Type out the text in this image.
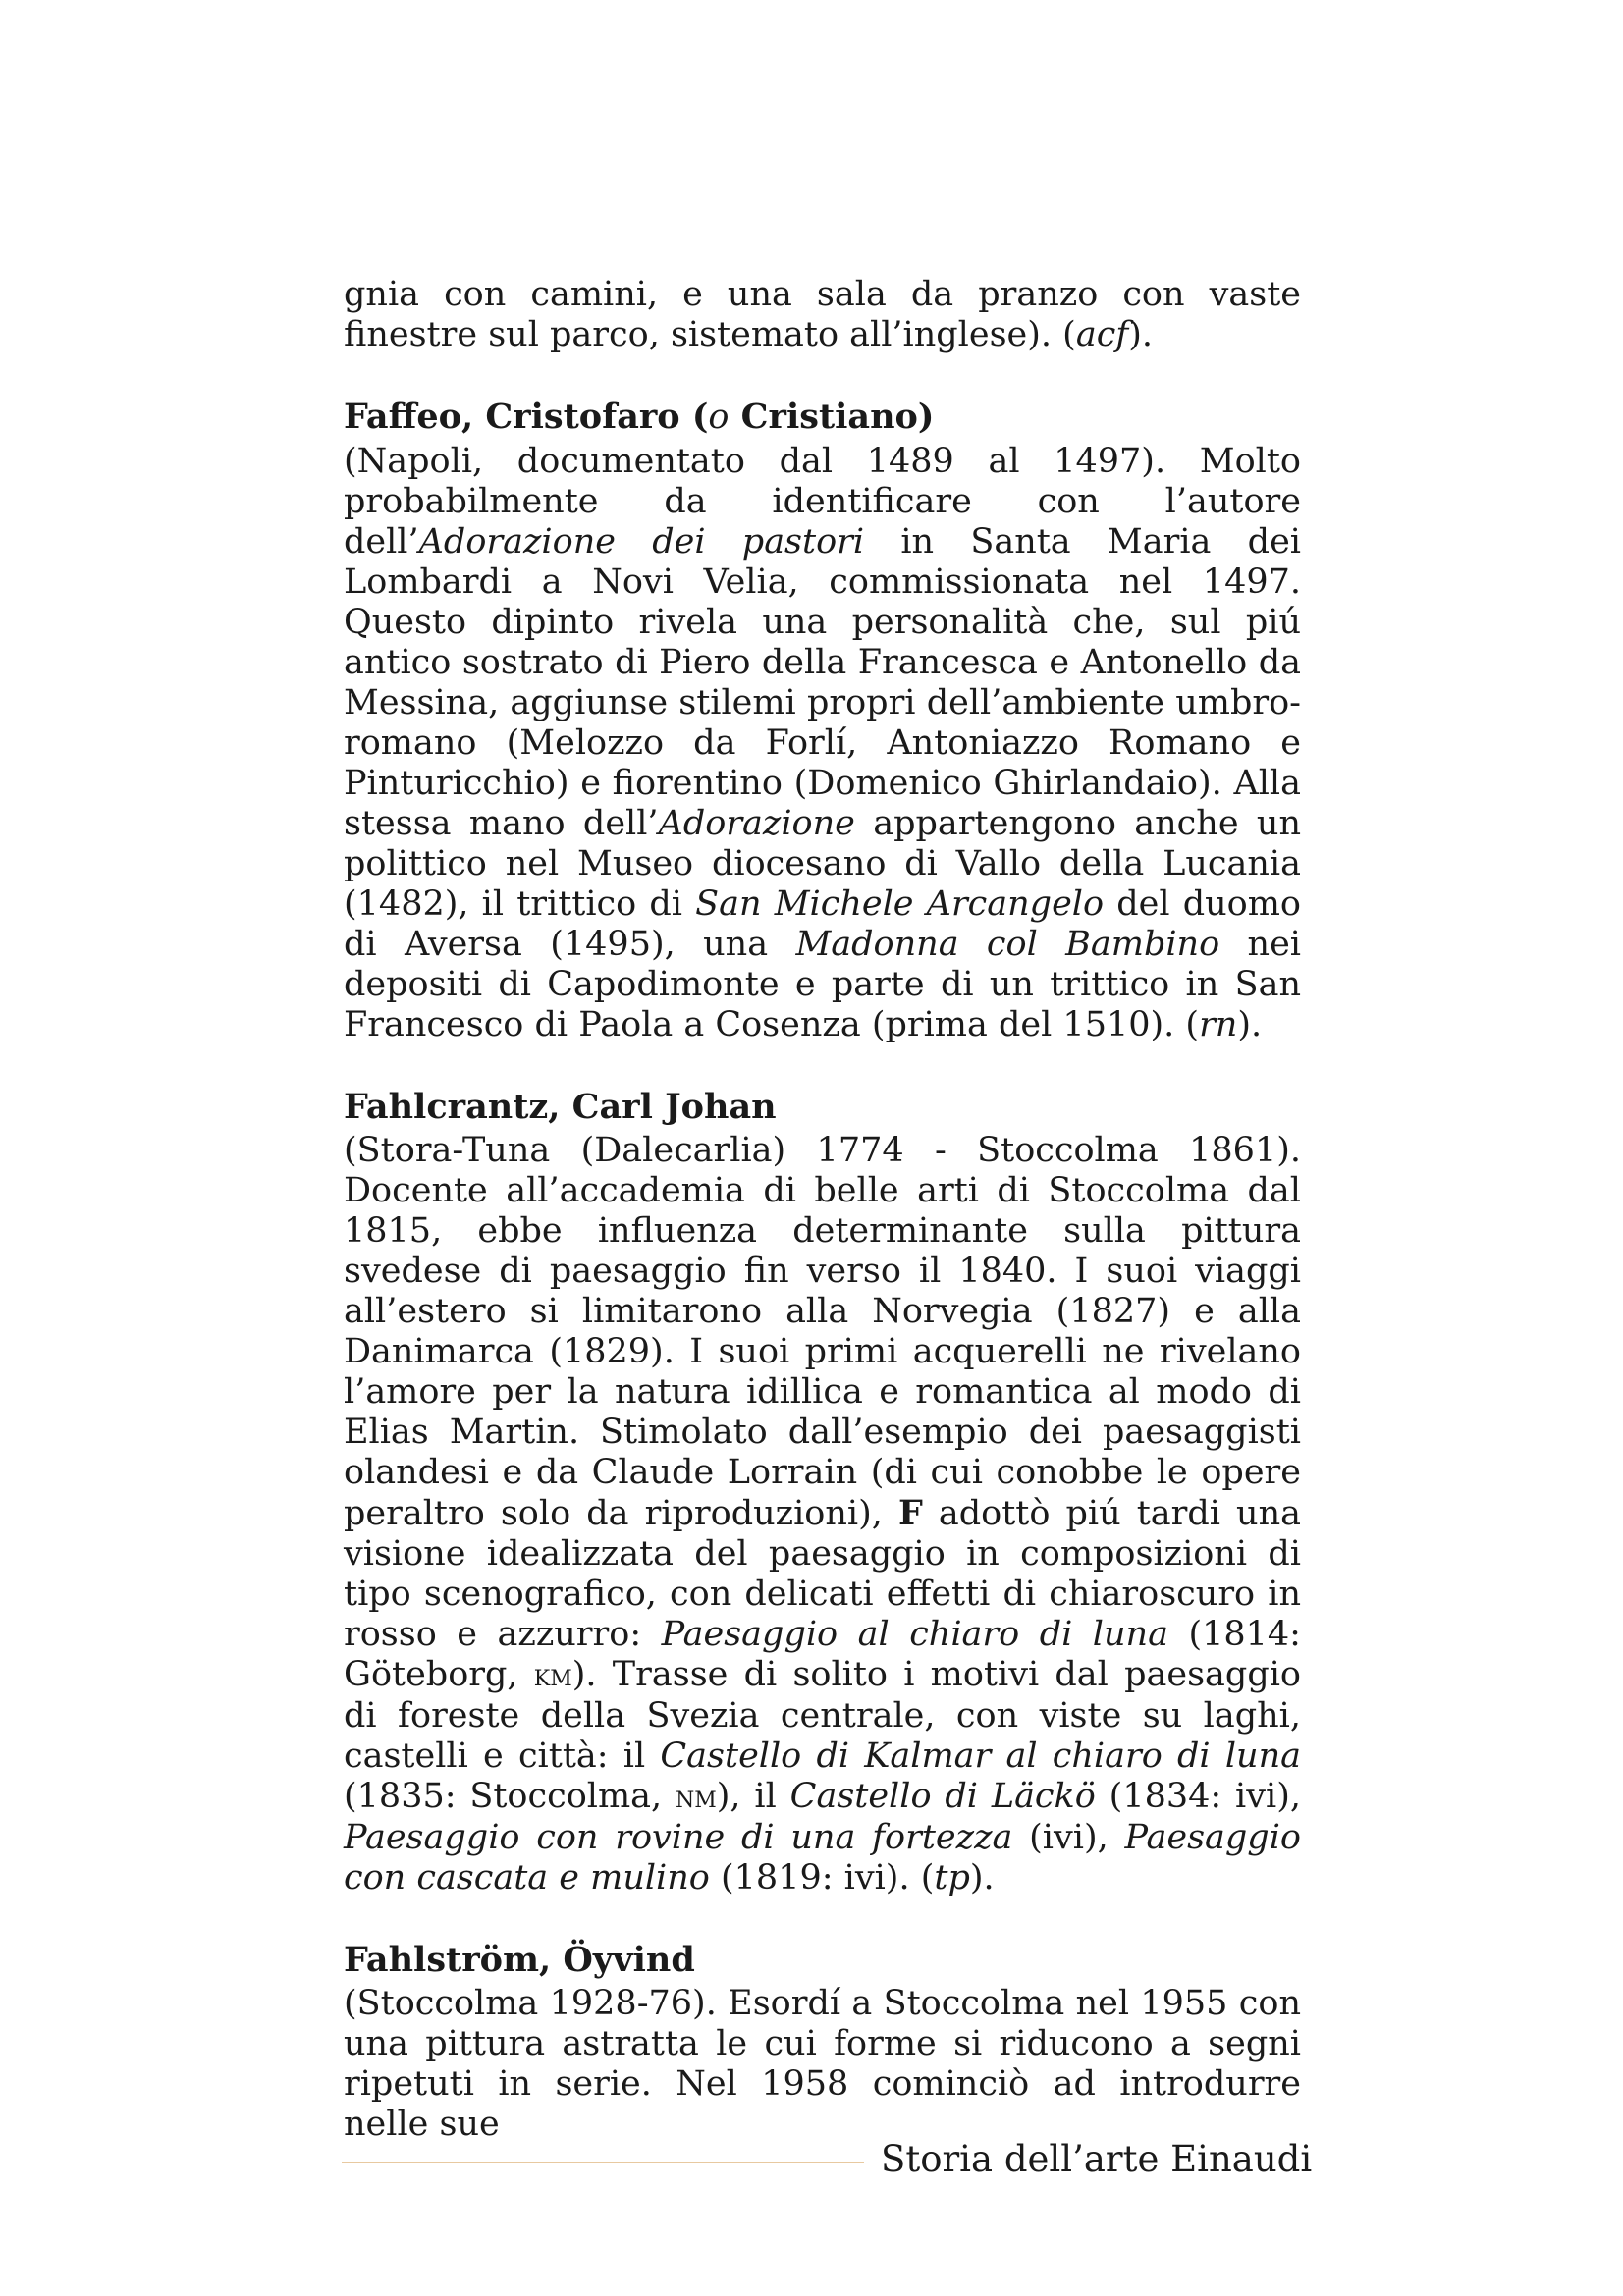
gnia con camini, e una sala da pranzo con vaste finestre sul parco, sistemato all’inglese). (acf).

Faffeo, Cristofaro (o Cristiano)

(Napoli, documentato dal 1489 al 1497). Molto probabilmente da identificare con l’autore dell’Adorazione dei pastori in Santa Maria dei Lombardi a Novi Velia, commissionata nel 1497. Questo dipinto rivela una personalità che, sul piú antico sostrato di Piero della Francesca e Antonello da Messina, aggiunse stilemi propri dell’ambiente umbro-romano (Melozzo da Forlí, Antoniazzo Romano e Pinturicchio) e fiorentino (Domenico Ghirlandaio). Alla stessa mano dell’Adorazione appartengono anche un polittico nel Museo diocesano di Vallo della Lucania (1482), il trittico di San Michele Arcangelo del duomo di Aversa (1495), una Madonna col Bambino nei depositi di Capodimonte e parte di un trittico in San Francesco di Paola a Cosenza (prima del 1510). (rn).

Fahlcrantz, Carl Johan

(Stora-Tuna (Dalecarlia) 1774 - Stoccolma 1861). Docente all’accademia di belle arti di Stoccolma dal 1815, ebbe influenza determinante sulla pittura svedese di paesaggio fin verso il 1840. I suoi viaggi all’estero si limitarono alla Norvegia (1827) e alla Danimarca (1829). I suoi primi acquerelli ne rivelano l’amore per la natura idillica e romantica al modo di Elias Martin. Stimolato dall’esempio dei paesaggisti olandesi e da Claude Lorrain (di cui conobbe le opere peraltro solo da riproduzioni), F adottò piú tardi una visione idealizzata del paesaggio in composizioni di tipo scenografico, con delicati effetti di chiaroscuro in rosso e azzurro: Paesaggio al chiaro di luna (1814: Göteborg, km). Trasse di solito i motivi dal paesaggio di foreste della Svezia centrale, con viste su laghi, castelli e città: il Castello di Kalmar al chiaro di luna (1835: Stoccolma, nm), il Castello di Läckö (1834: ivi), Paesaggio con rovine di una fortezza (ivi), Paesaggio con cascata e mulino (1819: ivi). (tp).

Fahlström, Öyvind

(Stoccolma 1928-76). Esordí a Stoccolma nel 1955 con una pittura astratta le cui forme si riducono a segni ripetuti in serie. Nel 1958 cominciò ad introdurre nelle sue

Storia dell’arte Einaudi
